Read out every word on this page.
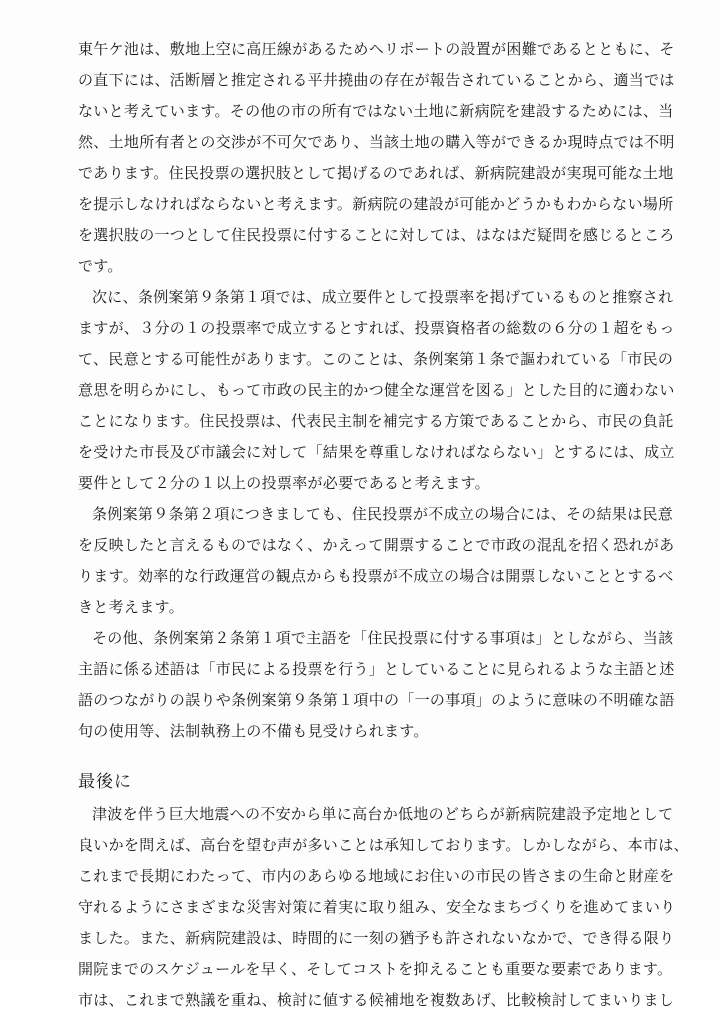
東午ケ池は、敷地上空に高圧線があるためヘリポートの設置が困難であるとともに、そ
の直下には、活断層と推定される平井撓曲の存在が報告されていることから、適当では
ないと考えています。その他の市の所有ではない土地に新病院を建設するためには、当
然、土地所有者との交渉が不可欠であり、当該土地の購入等ができるか現時点では不明
であります。住民投票の選択肢として掲げるのであれば、新病院建設が実現可能な土地
を提示しなければならないと考えます。新病院の建設が可能かどうかもわからない場所
を選択肢の一つとして住民投票に付することに対しては、はなはだ疑問を感じるところ
です。
次に、条例案第９条第１項では、成立要件として投票率を掲げているものと推察され
ますが、３分の１の投票率で成立するとすれば、投票資格者の総数の６分の１超をもっ
て、民意とする可能性があります。このことは、条例案第１条で謳われている「市民の
意思を明らかにし、もって市政の民主的かつ健全な運営を図る」とした目的に適わない
ことになります。住民投票は、代表民主制を補完する方策であることから、市民の負託
を受けた市長及び市議会に対して「結果を尊重しなければならない」とするには、成立
要件として２分の１以上の投票率が必要であると考えます。
条例案第９条第２項につきましても、住民投票が不成立の場合には、その結果は民意
を反映したと言えるものではなく、かえって開票することで市政の混乱を招く恐れがあ
ります。効率的な行政運営の観点からも投票が不成立の場合は開票しないこととするべ
きと考えます。
その他、条例案第２条第１項で主語を「住民投票に付する事項は」としながら、当該
主語に係る述語は「市民による投票を行う」としていることに見られるような主語と述
語のつながりの誤りや条例案第９条第１項中の「一の事項」のように意味の不明確な語
句の使用等、法制執務上の不備も見受けられます。
最後に
津波を伴う巨大地震への不安から単に高台か低地のどちらが新病院建設予定地として
良いかを問えば、高台を望む声が多いことは承知しております。しかしながら、本市は、
これまで長期にわたって、市内のあらゆる地域にお住いの市民の皆さまの生命と財産を
守れるようにさまざまな災害対策に着実に取り組み、安全なまちづくりを進めてまいり
ました。また、新病院建設は、時間的に一刻の猶予も許されないなかで、でき得る限り
開院までのスケジュールを早く、そしてコストを抑えることも重要な要素であります。
市は、これまで熟議を重ね、検討に値する候補地を複数あげ、比較検討してまいりまし
